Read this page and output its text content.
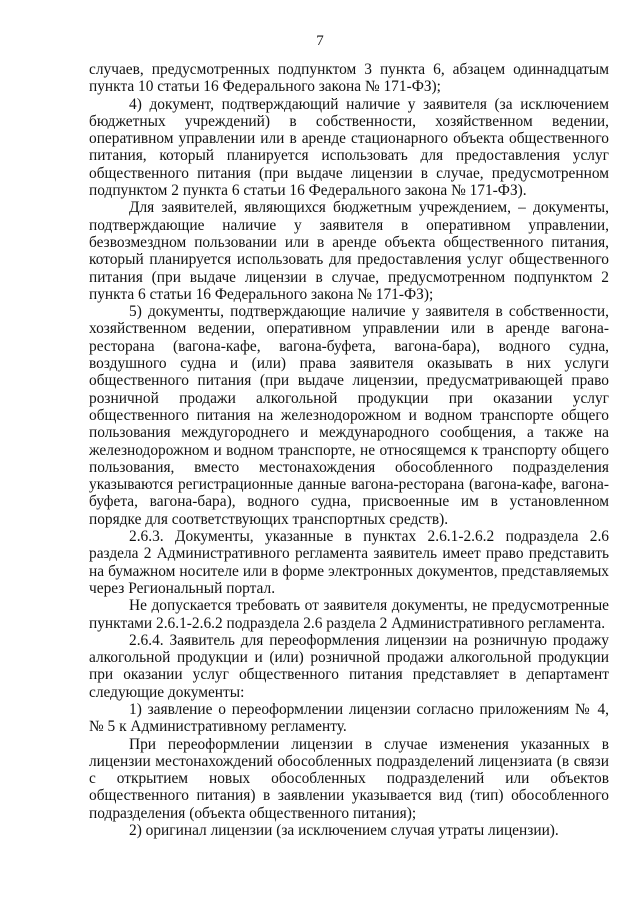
7

случаев, предусмотренных подпунктом 3 пункта 6, абзацем одиннадцатым пункта 10 статьи 16 Федерального закона № 171-ФЗ);

4) документ, подтверждающий наличие у заявителя (за исключением бюджетных учреждений) в собственности, хозяйственном ведении, оперативном управлении или в аренде стационарного объекта общественного питания, который планируется использовать для предоставления услуг общественного питания (при выдаче лицензии в случае, предусмотренном подпунктом 2 пункта 6 статьи 16 Федерального закона № 171-ФЗ).

Для заявителей, являющихся бюджетным учреждением, – документы, подтверждающие наличие у заявителя в оперативном управлении, безвозмездном пользовании или в аренде объекта общественного питания, который планируется использовать для предоставления услуг общественного питания (при выдаче лицензии в случае, предусмотренном подпунктом 2 пункта 6 статьи 16 Федерального закона № 171-ФЗ);

5) документы, подтверждающие наличие у заявителя в собственности, хозяйственном ведении, оперативном управлении или в аренде вагона-ресторана (вагона-кафе, вагона-буфета, вагона-бара), водного судна, воздушного судна и (или) права заявителя оказывать в них услуги общественного питания (при выдаче лицензии, предусматривающей право розничной продажи алкогольной продукции при оказании услуг общественного питания на железнодорожном и водном транспорте общего пользования междугороднего и международного сообщения, а также на железнодорожном и водном транспорте, не относящемся к транспорту общего пользования, вместо местонахождения обособленного подразделения указываются регистрационные данные вагона-ресторана (вагона-кафе, вагона-буфета, вагона-бара), водного судна, присвоенные им в установленном порядке для соответствующих транспортных средств).

2.6.3. Документы, указанные в пунктах 2.6.1-2.6.2 подраздела 2.6 раздела 2 Административного регламента заявитель имеет право представить на бумажном носителе или в форме электронных документов, представляемых через Региональный портал.

Не допускается требовать от заявителя документы, не предусмотренные пунктами 2.6.1-2.6.2 подраздела 2.6 раздела 2 Административного регламента.

2.6.4. Заявитель для переоформления лицензии на розничную продажу алкогольной продукции и (или) розничной продажи алкогольной продукции при оказании услуг общественного питания представляет в департамент следующие документы:

1) заявление о переоформлении лицензии согласно приложениям № 4, № 5 к Административному регламенту.

При переоформлении лицензии в случае изменения указанных в лицензии местонахождений обособленных подразделений лицензиата (в связи с открытием новых обособленных подразделений или объектов общественного питания) в заявлении указывается вид (тип) обособленного подразделения (объекта общественного питания);

2) оригинал лицензии (за исключением случая утраты лицензии).
